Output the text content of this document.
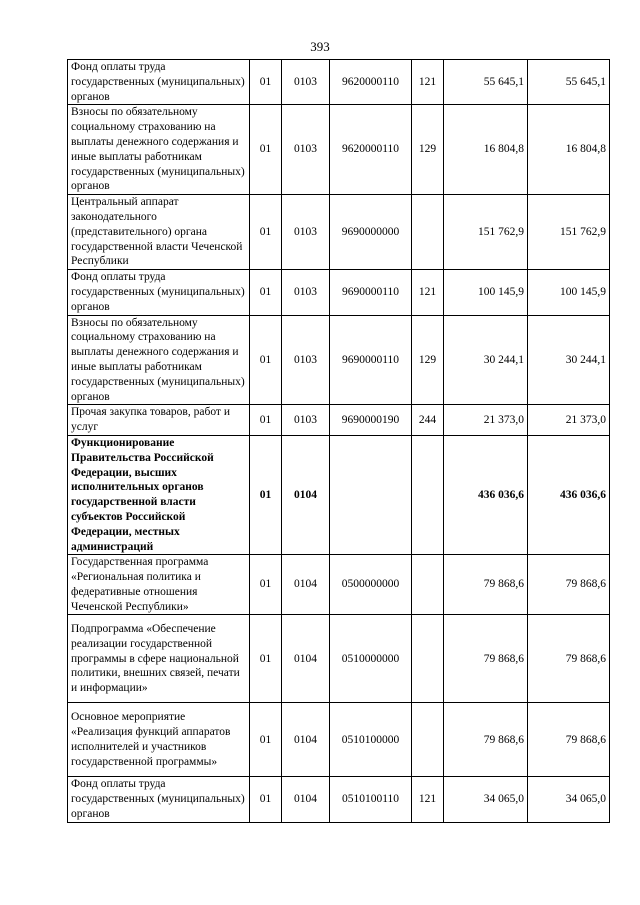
393
Фонд оплаты труда государственных (муниципальных) органов	01	0103	9620000110	121	55 645,1	55 645,1
Взносы по обязательному социальному страхованию на выплаты денежного содержания и иные выплаты работникам государственных (муниципальных) органов	01	0103	9620000110	129	16 804,8	16 804,8
Центральный аппарат законодательного (представительного) органа государственной власти Чеченской Республики	01	0103	9690000000		151 762,9	151 762,9
Фонд оплаты труда государственных (муниципальных) органов	01	0103	9690000110	121	100 145,9	100 145,9
Взносы по обязательному социальному страхованию на выплаты денежного содержания и иные выплаты работникам государственных (муниципальных) органов	01	0103	9690000110	129	30 244,1	30 244,1
Прочая закупка товаров, работ и услуг	01	0103	9690000190	244	21 373,0	21 373,0
Функционирование Правительства Российской Федерации, высших исполнительных органов государственной власти субъектов Российской Федерации, местных администраций	01	0104			436 036,6	436 036,6
Государственная программа «Региональная политика и федеративные отношения Чеченской Республики»	01	0104	0500000000		79 868,6	79 868,6
Подпрограмма «Обеспечение реализации государственной программы в сфере национальной политики, внешних связей, печати и информации»	01	0104	0510000000		79 868,6	79 868,6
Основное мероприятие «Реализация функций аппаратов исполнителей и участников государственной программы»	01	0104	0510100000		79 868,6	79 868,6
Фонд оплаты труда государственных (муниципальных) органов	01	0104	0510100110	121	34 065,0	34 065,0
